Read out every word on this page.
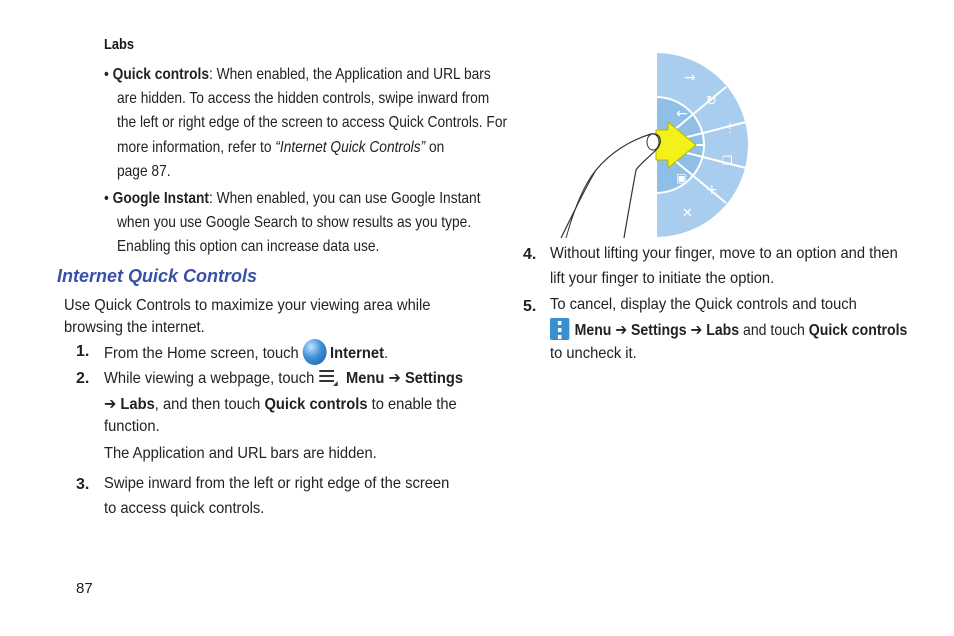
Labs
• Quick controls: When enabled, the Application and URL bars
are hidden. To access the hidden controls, swipe inward from
the left or right edge of the screen to access Quick Controls. For
more information, refer to “Internet Quick Controls” on
page 87.
• Google Instant: When enabled, you can use Google Instant
when you use Google Search to show results as you type.
Enabling this option can increase data use.
Internet Quick Controls
Use Quick Controls to maximize your viewing area while
browsing the internet.
1. From the Home screen, touch Internet.
2. While viewing a webpage, touch Menu ➔ Settings
➔ Labs, and then touch Quick controls to enable the
function.
The Application and URL bars are hidden.
3. Swipe inward from the left or right edge of the screen
to access quick controls.
→
↻
←
⋮
❐
▣
+
✕
4. Without lifting your finger, move to an option and then
lift your finger to initiate the option.
5. To cancel, display the Quick controls and touch
Menu ➔ Settings ➔ Labs and touch Quick controls
to uncheck it.
87
